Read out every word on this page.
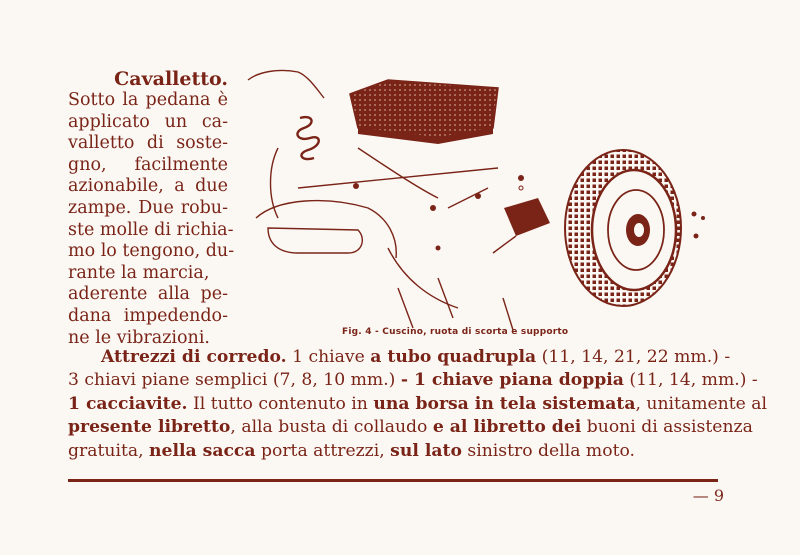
Cavalletto.
Sotto la pedana è
applicato un ca-
valletto di soste-
gno, facilmente
azionabile, a due
zampe. Due robu-
ste molle di richia-
mo lo tengono, du-
rante la marcia,
aderente alla pe-
dana impedendo-
ne le vibrazioni.	Fig. 4 - Cuscino, ruota di scorta e supporto
Attrezzi di corredo. 1 chiave a tubo quadrupla (11, 14, 21, 22 mm.) -
3 chiavi piane semplici (7, 8, 10 mm.) - 1 chiave piana doppia (11, 14, mm.) -
1 cacciavite. Il tutto contenuto in una borsa in tela sistemata, unitamente al
presente libretto, alla busta di collaudo e al libretto dei buoni di assistenza
gratuita, nella sacca porta attrezzi, sul lato sinistro della moto.
— 9
